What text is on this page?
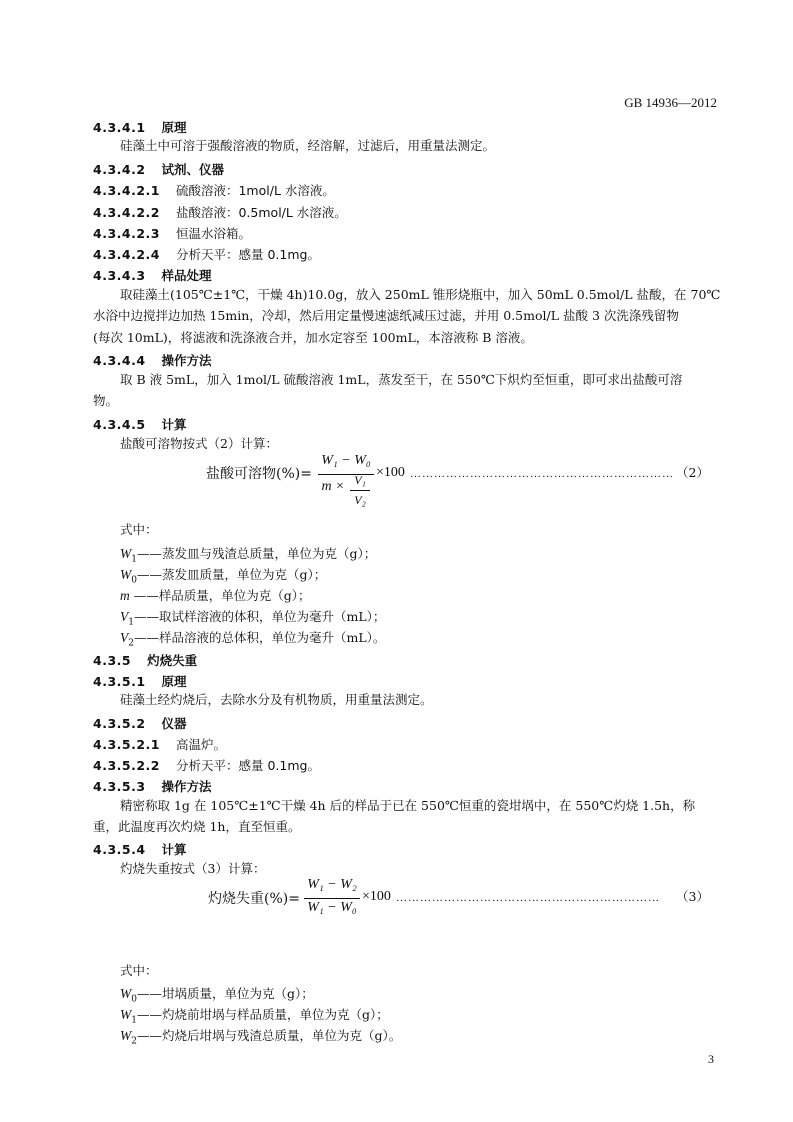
GB 14936—2012
4.3.4.1 原理
硅藻土中可溶于强酸溶液的物质，经溶解，过滤后，用重量法测定。
4.3.4.2 试剂、仪器
4.3.4.2.1 硫酸溶液：1mol/L 水溶液。
4.3.4.2.2 盐酸溶液：0.5mol/L 水溶液。
4.3.4.2.3 恒温水浴箱。
4.3.4.2.4 分析天平：感量 0.1mg。
4.3.4.3 样品处理
取硅藻土(105℃±1℃，干燥 4h)10.0g，放入 250mL 锥形烧瓶中，加入 50mL 0.5mol/L 盐酸，在 70℃
水浴中边搅拌边加热 15min，冷却，然后用定量慢速滤纸减压过滤，并用 0.5mol/L 盐酸 3 次洗涤残留物
(每次 10mL)，将滤液和洗涤液合并，加水定容至 100mL，本溶液称 B 溶液。
4.3.4.4 操作方法
取 B 液 5mL，加入 1mol/L 硫酸溶液 1mL，蒸发至干，在 550℃下炽灼至恒重，即可求出盐酸可溶
物。
4.3.4.5 计算
盐酸可溶物按式（2）计算：
盐酸可溶物(%)=
W₁ − W₀
m × V₁
V₂
×100 ………………………………………………………… （2）
式中：
$W_1——$蒸发皿与残渣总质量，单位为克（g）；
$W_0——$蒸发皿质量，单位为克（g）；
m ——样品质量，单位为克（g）；
$V_1——$取试样溶液的体积，单位为毫升（mL）；
$V_2——$样品溶液的总体积，单位为毫升（mL）。
4.3.5 灼烧失重
4.3.5.1 原理
硅藻土经灼烧后，去除水分及有机物质，用重量法测定。
4.3.5.2 仪器
4.3.5.2.1 高温炉。
4.3.5.2.2 分析天平：感量 0.1mg。
4.3.5.3 操作方法
精密称取 1g 在 105℃±1℃干燥 4h 后的样品于已在 550℃恒重的瓷坩埚中，在 550℃灼烧 1.5h，称
重，此温度再次灼烧 1h，直至恒重。
4.3.5.4 计算
灼烧失重按式（3）计算：
灼烧失重(%)=
W₁ − W₂
W₁ − W₀
×100 ………………………………………………………… （3）
式中：
$W_0——$坩埚质量，单位为克（g）；
$W_1——$灼烧前坩埚与样品质量，单位为克（g）；
$W_2——$灼烧后坩埚与残渣总质量，单位为克（g）。
3
